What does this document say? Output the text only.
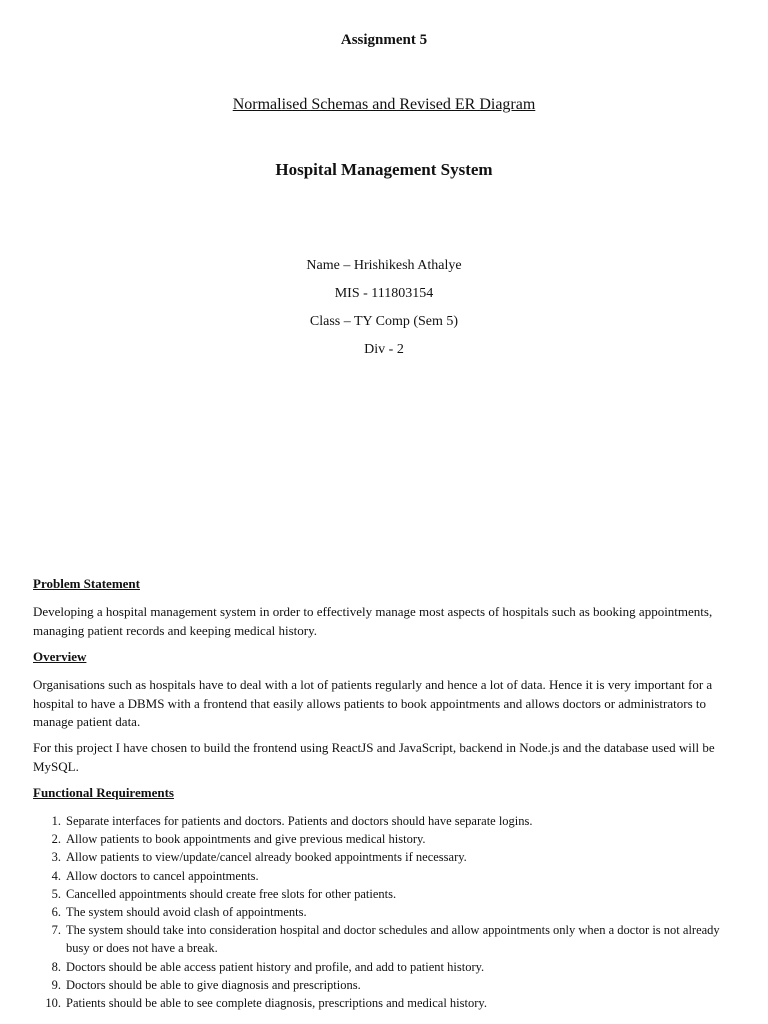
Assignment 5
Normalised Schemas and Revised ER Diagram
Hospital Management System
Name – Hrishikesh Athalye
MIS - 111803154
Class – TY Comp (Sem 5)
Div - 2
Problem Statement
Developing a hospital management system in order to effectively manage most aspects of hospitals such as booking appointments, managing patient records and keeping medical history.
Overview
Organisations such as hospitals have to deal with a lot of patients regularly and hence a lot of data. Hence it is very important for a hospital to have a DBMS with a frontend that easily allows patients to book appointments and allows doctors or administrators to manage patient data.
For this project I have chosen to build the frontend using ReactJS and JavaScript, backend in Node.js and the database used will be MySQL.
Functional Requirements
1. Separate interfaces for patients and doctors. Patients and doctors should have separate logins.
2. Allow patients to book appointments and give previous medical history.
3. Allow patients to view/update/cancel already booked appointments if necessary.
4. Allow doctors to cancel appointments.
5. Cancelled appointments should create free slots for other patients.
6. The system should avoid clash of appointments.
7. The system should take into consideration hospital and doctor schedules and allow appointments only when a doctor is not already busy or does not have a break.
8. Doctors should be able access patient history and profile, and add to patient history.
9. Doctors should be able to give diagnosis and prescriptions.
10. Patients should be able to see complete diagnosis, prescriptions and medical history.
